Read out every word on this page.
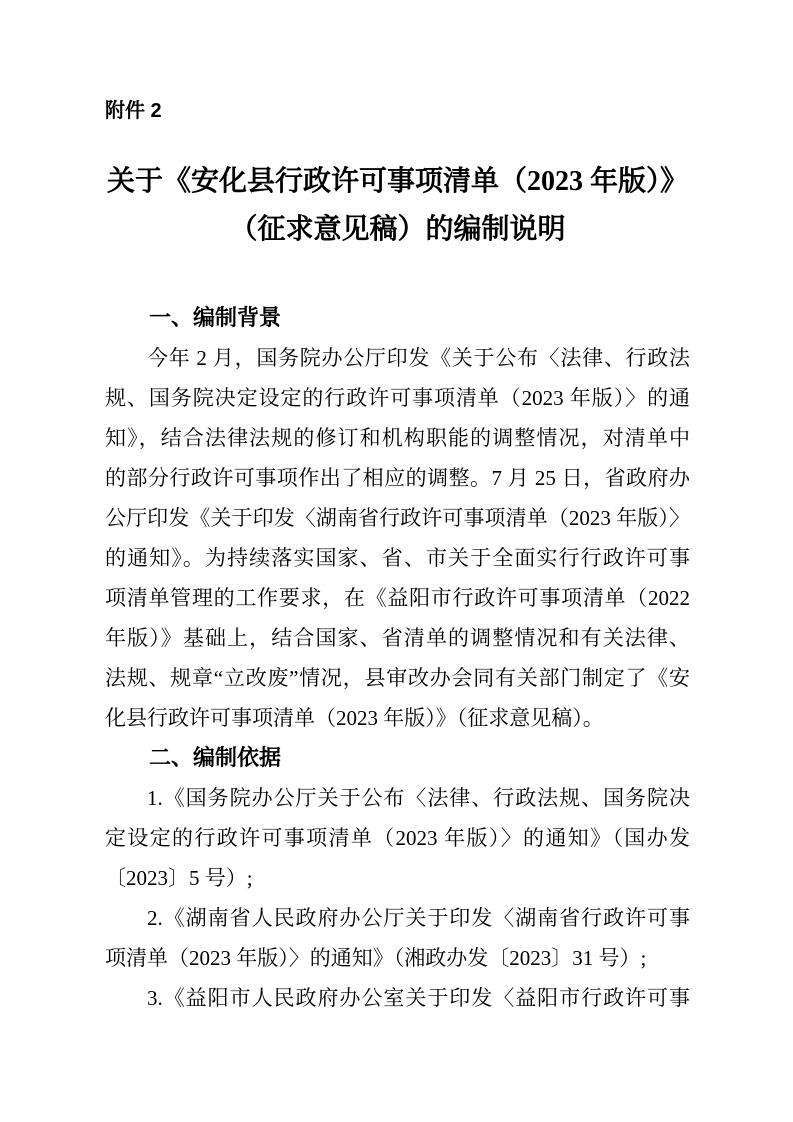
附件 2
关于《安化县行政许可事项清单（2023 年版）》
（征求意见稿）的编制说明
一、编制背景
今年 2 月，国务院办公厅印发《关于公布〈法律、行政法
规、国务院决定设定的行政许可事项清单（2023 年版）〉的通
知》，结合法律法规的修订和机构职能的调整情况，对清单中
的部分行政许可事项作出了相应的调整。7 月 25 日，省政府办
公厅印发《关于印发〈湖南省行政许可事项清单（2023 年版）〉
的通知》。为持续落实国家、省、市关于全面实行行政许可事
项清单管理的工作要求，在《益阳市行政许可事项清单（2022
年版）》基础上，结合国家、省清单的调整情况和有关法律、
法规、规章“立改废”情况，县审改办会同有关部门制定了《安
化县行政许可事项清单（2023 年版）》（征求意见稿）。
二、编制依据
1.《国务院办公厅关于公布〈法律、行政法规、国务院决
定设定的行政许可事项清单（2023 年版）〉的通知》（国办发
〔2023〕5 号）;
2.《湖南省人民政府办公厅关于印发〈湖南省行政许可事
项清单（2023 年版）〉的通知》（湘政办发〔2023〕31 号）;
3.《益阳市人民政府办公室关于印发〈益阳市行政许可事
